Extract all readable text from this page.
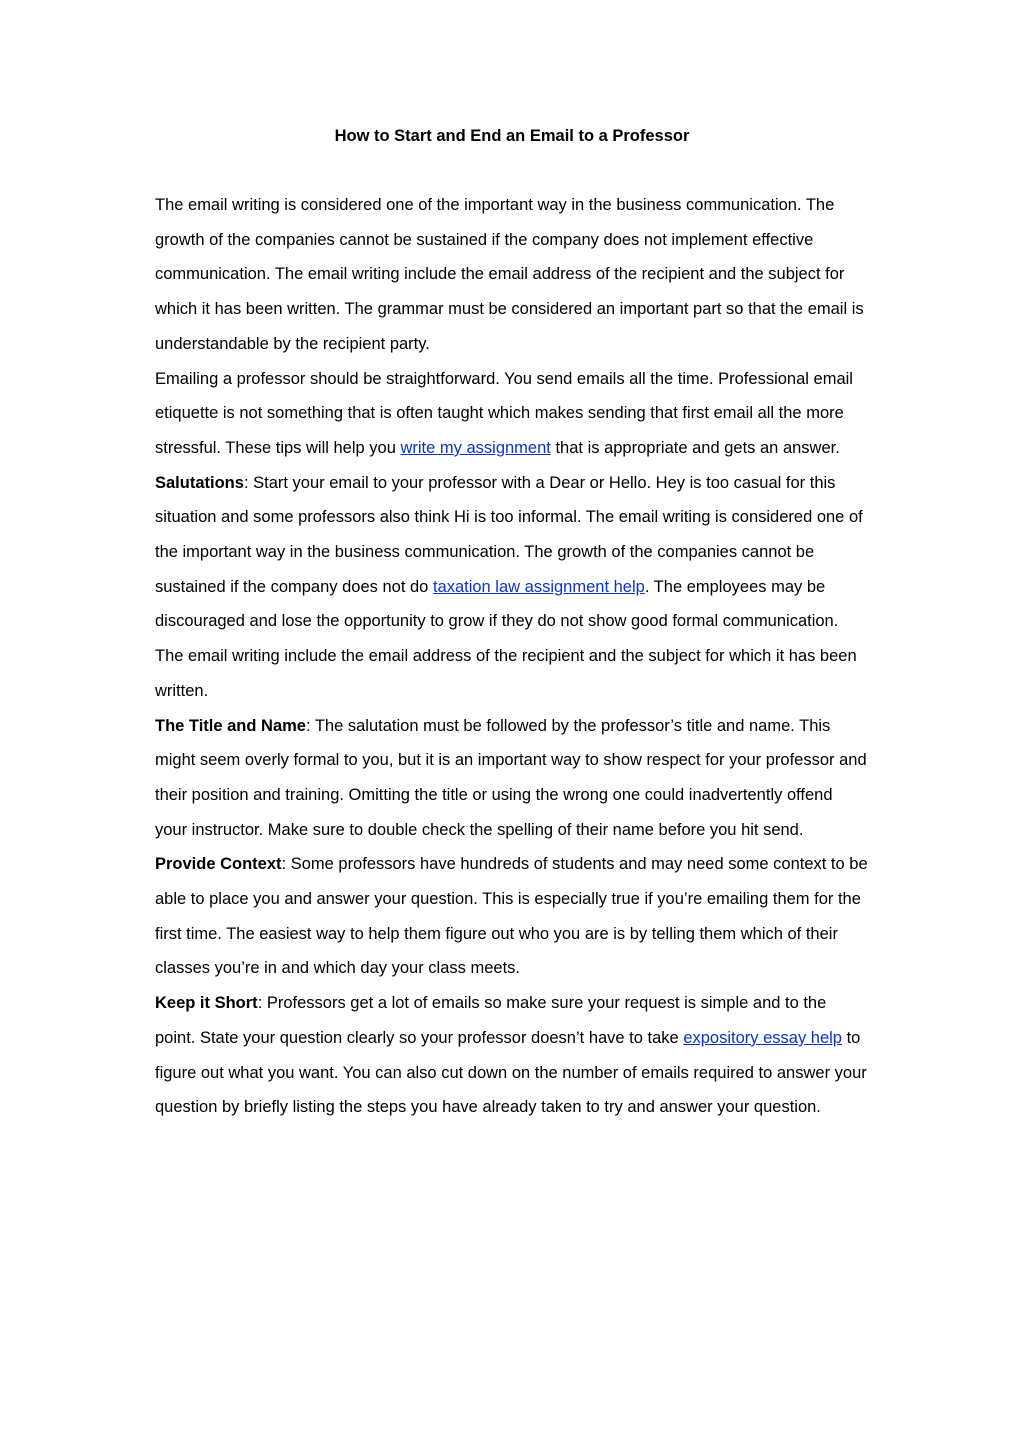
How to Start and End an Email to a Professor

The email writing is considered one of the important way in the business communication. The growth of the companies cannot be sustained if the company does not implement effective communication. The email writing include the email address of the recipient and the subject for which it has been written. The grammar must be considered an important part so that the email is understandable by the recipient party.

Emailing a professor should be straightforward. You send emails all the time. Professional email etiquette is not something that is often taught which makes sending that first email all the more stressful. These tips will help you write my assignment that is appropriate and gets an answer.

Salutations: Start your email to your professor with a Dear or Hello. Hey is too casual for this situation and some professors also think Hi is too informal. The email writing is considered one of the important way in the business communication. The growth of the companies cannot be sustained if the company does not do taxation law assignment help. The employees may be discouraged and lose the opportunity to grow if they do not show good formal communication. The email writing include the email address of the recipient and the subject for which it has been written.

The Title and Name: The salutation must be followed by the professor’s title and name. This might seem overly formal to you, but it is an important way to show respect for your professor and their position and training. Omitting the title or using the wrong one could inadvertently offend your instructor. Make sure to double check the spelling of their name before you hit send.

Provide Context: Some professors have hundreds of students and may need some context to be able to place you and answer your question. This is especially true if you’re emailing them for the first time. The easiest way to help them figure out who you are is by telling them which of their classes you’re in and which day your class meets.

Keep it Short: Professors get a lot of emails so make sure your request is simple and to the point. State your question clearly so your professor doesn’t have to take expository essay help to figure out what you want. You can also cut down on the number of emails required to answer your question by briefly listing the steps you have already taken to try and answer your question.
